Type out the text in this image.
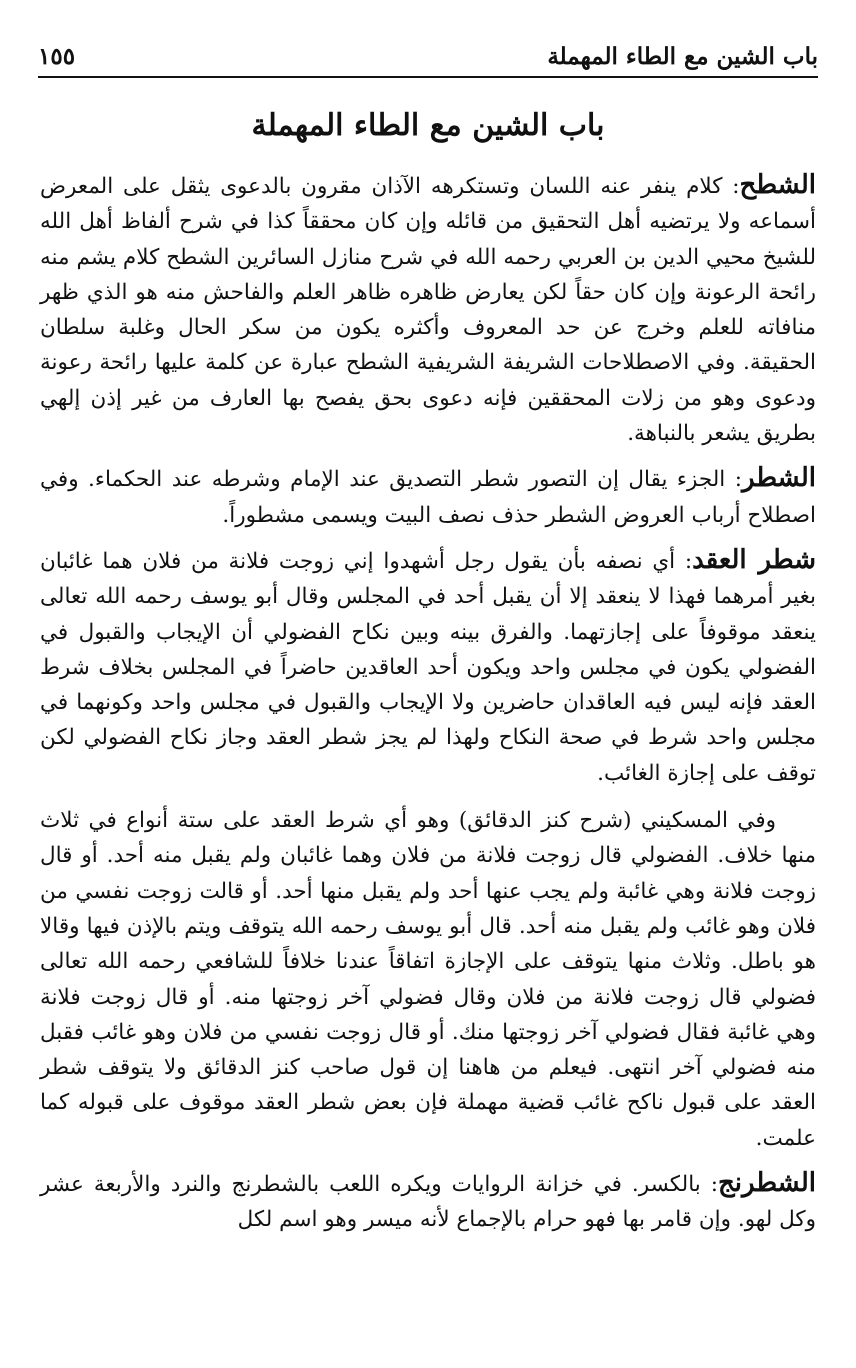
باب الشين مع الطاء المهملة
١٥٥
باب الشين مع الطاء المهملة

الشطح: كلام ينفر عنه اللسان وتستكرهه الآذان مقرون بالدعوى يثقل على المعرض أسماعه ولا يرتضيه أهل التحقيق من قائله وإن كان محققاً كذا في شرح ألفاظ أهل الله للشيخ محيي الدين بن العربي رحمه الله في شرح منازل السائرين الشطح كلام يشم منه رائحة الرعونة وإن كان حقاً لكن يعارض ظاهره ظاهر العلم والفاحش منه هو الذي ظهر منافاته للعلم وخرج عن حد المعروف وأكثره يكون من سكر الحال وغلبة سلطان الحقيقة. وفي الاصطلاحات الشريفة الشريفية الشطح عبارة عن كلمة عليها رائحة رعونة ودعوى وهو من زلات المحققين فإنه دعوى بحق يفصح بها العارف من غير إذن إلهي بطريق يشعر بالنباهة.

الشطر: الجزء يقال إن التصور شطر التصديق عند الإمام وشرطه عند الحكماء. وفي اصطلاح أرباب العروض الشطر حذف نصف البيت ويسمى مشطوراً.

شطر العقد: أي نصفه بأن يقول رجل أشهدوا إني زوجت فلانة من فلان هما غائبان بغير أمرهما فهذا لا ينعقد إلا أن يقبل أحد في المجلس وقال أبو يوسف رحمه الله تعالى ينعقد موقوفاً على إجازتهما. والفرق بينه وبين نكاح الفضولي أن الإيجاب والقبول في الفضولي يكون في مجلس واحد ويكون أحد العاقدين حاضراً في المجلس بخلاف شرط العقد فإنه ليس فيه العاقدان حاضرين ولا الإيجاب والقبول في مجلس واحد وكونهما في مجلس واحد شرط في صحة النكاح ولهذا لم يجز شطر العقد وجاز نكاح الفضولي لكن توقف على إجازة الغائب.

وفي المسكيني (شرح كنز الدقائق) وهو أي شرط العقد على ستة أنواع في ثلاث منها خلاف. الفضولي قال زوجت فلانة من فلان وهما غائبان ولم يقبل منه أحد. أو قال زوجت فلانة وهي غائبة ولم يجب عنها أحد ولم يقبل منها أحد. أو قالت زوجت نفسي من فلان وهو غائب ولم يقبل منه أحد. قال أبو يوسف رحمه الله يتوقف ويتم بالإذن فيها وقالا هو باطل. وثلاث منها يتوقف على الإجازة اتفاقاً عندنا خلافاً للشافعي رحمه الله تعالى فضولي قال زوجت فلانة من فلان وقال فضولي آخر زوجتها منه. أو قال زوجت فلانة وهي غائبة فقال فضولي آخر زوجتها منك. أو قال زوجت نفسي من فلان وهو غائب فقبل منه فضولي آخر انتهى. فيعلم من هاهنا إن قول صاحب كنز الدقائق ولا يتوقف شطر العقد على قبول ناكح غائب قضية مهملة فإن بعض شطر العقد موقوف على قبوله كما علمت.

الشطرنج: بالكسر. في خزانة الروايات ويكره اللعب بالشطرنج والنرد والأربعة عشر وكل لهو. وإن قامر بها فهو حرام بالإجماع لأنه ميسر وهو اسم لكل
